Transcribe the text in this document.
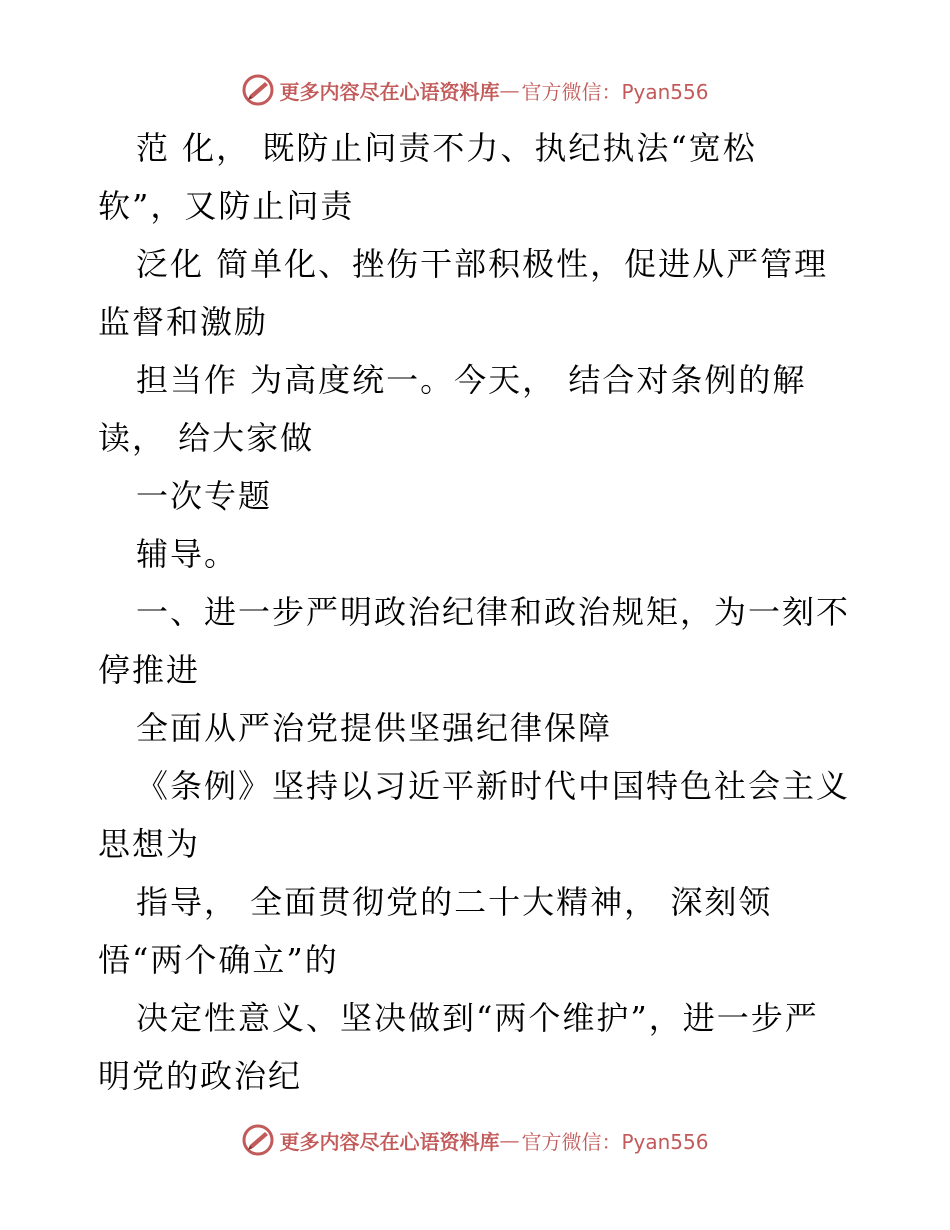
更多内容尽在心语资料库 — 官方微信：Pyan556
范 化， 既防止问责不力、执纪执法“宽松
软”，又防止问责
泛化 简单化、挫伤干部积极性，促进从严管理
监督和激励
担当作 为高度统一。今天， 结合对条例的解
读， 给大家做
一次专题
辅导。
一、进一步严明政治纪律和政治规矩，为一刻不
停推进
全面从严治党提供坚强纪律保障
《条例》坚持以习近平新时代中国特色社会主义
思想为
指导， 全面贯彻党的二十大精神， 深刻领
悟“两个确立”的
决定性意义、坚决做到“两个维护”，进一步严
明党的政治纪
更多内容尽在心语资料库 — 官方微信：Pyan556
